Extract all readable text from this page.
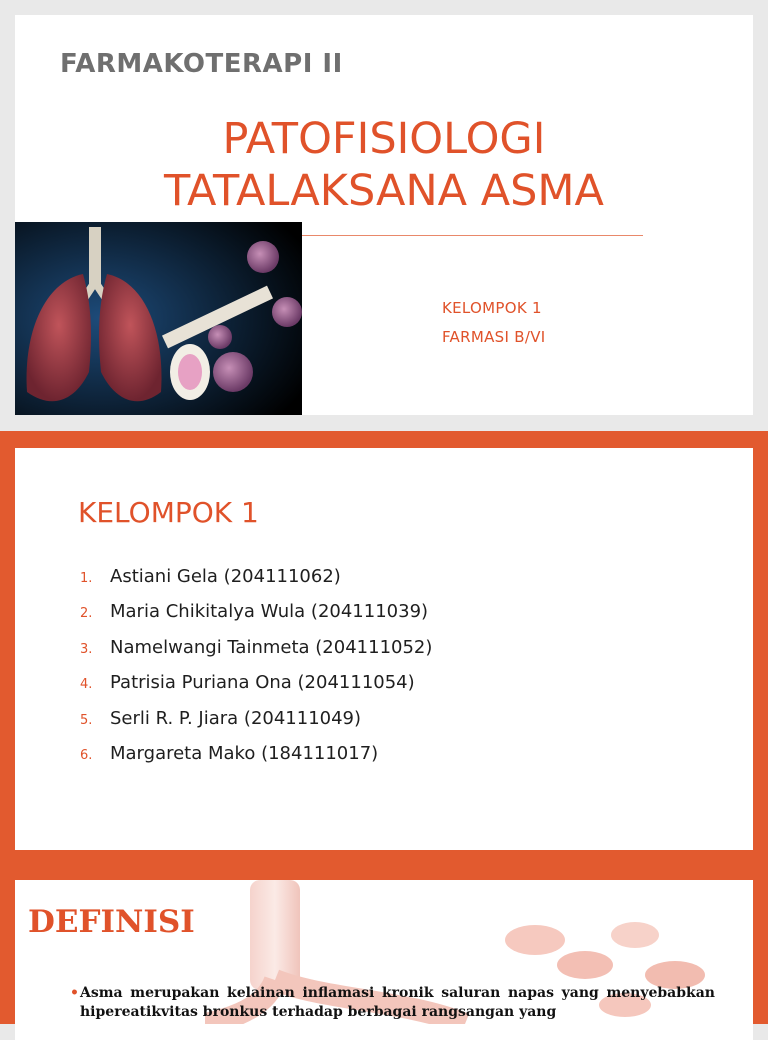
FARMAKOTERAPI II
PATOFISIOLOGI
TATALAKSANA ASMA
KELOMPOK 1
FARMASI B/VI
KELOMPOK 1
1. Astiani Gela (204111062)
2. Maria Chikitalya Wula (204111039)
3. Namelwangi Tainmeta (204111052)
4. Patrisia Puriana Ona (204111054)
5. Serli R. P. Jiara (204111049)
6. Margareta Mako (184111017)
DEFINISI
• Asma merupakan kelainan inflamasi kronik saluran napas yang menyebabkan hipereatikvitas bronkus terhadap berbagai rangsangan yang
